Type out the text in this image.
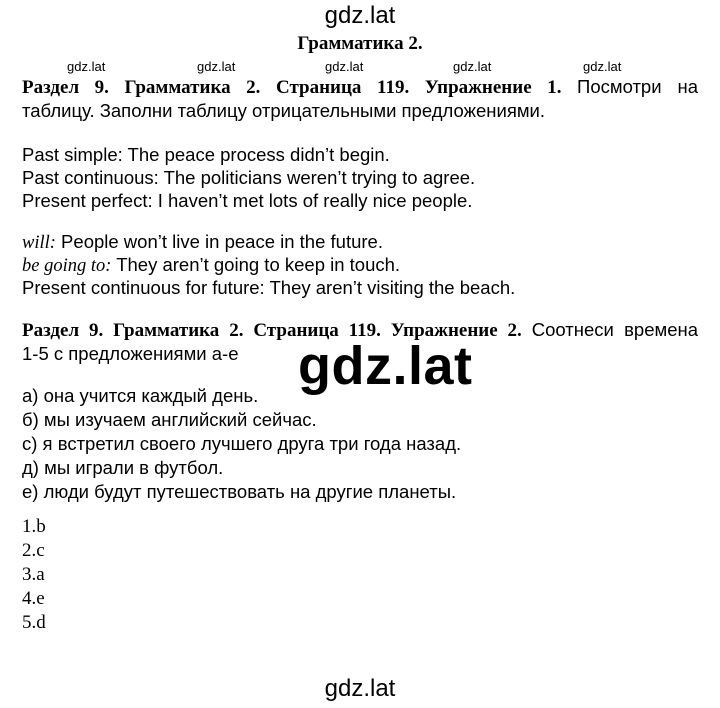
gdz.lat
Грамматика 2.
gdz.lat	gdz.lat	gdz.lat	gdz.lat	gdz.lat
Раздел 9. Грамматика 2. Страница 119. Упражнение 1. Посмотри на
таблицу. Заполни таблицу отрицательными предложениями.
Past simple: The peace process didn’t begin.
Past continuous: The politicians weren’t trying to agree.
Present perfect: I haven’t met lots of really nice people.
will: People won’t live in peace in the future.
be going to: They aren’t going to keep in touch.
Present continuous for future: They aren’t visiting the beach.
Раздел 9. Грамматика 2. Страница 119. Упражнение 2. Соотнеси времена
1-5 с предложениями a-e gdz.lat
а) она учится каждый день.
б) мы изучаем английский сейчас.
с) я встретил своего лучшего друга три года назад.
д) мы играли в футбол.
е) люди будут путешествовать на другие планеты.
1.b
2.c
3.a
4.e
5.d
gdz.lat
